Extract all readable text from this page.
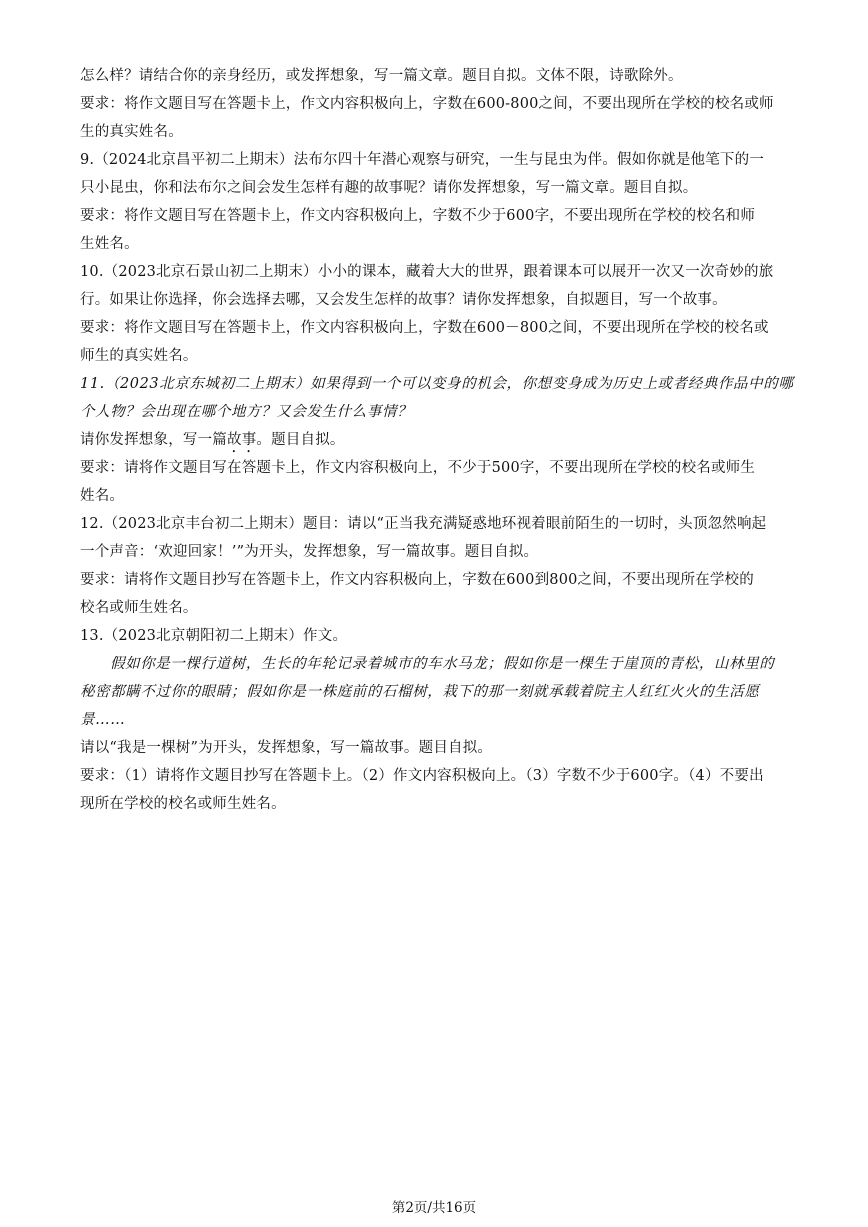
怎么样？请结合你的亲身经历，或发挥想象，写一篇文章。题目自拟。文体不限，诗歌除外。
要求：将作文题目写在答题卡上，作文内容积极向上，字数在600-800之间，不要出现所在学校的校名或师
生的真实姓名。
9.（2024北京昌平初二上期末）法布尔四十年潜心观察与研究，一生与昆虫为伴。假如你就是他笔下的一
只小昆虫，你和法布尔之间会发生怎样有趣的故事呢？请你发挥想象，写一篇文章。题目自拟。
要求：将作文题目写在答题卡上，作文内容积极向上，字数不少于600字，不要出现所在学校的校名和师
生姓名。
10.（2023北京石景山初二上期末）小小的课本，藏着大大的世界，跟着课本可以展开一次又一次奇妙的旅
行。如果让你选择，你会选择去哪，又会发生怎样的故事？请你发挥想象，自拟题目，写一个故事。
要求：将作文题目写在答题卡上，作文内容积极向上，字数在600－800之间，不要出现所在学校的校名或
师生的真实姓名。
11.（2023北京东城初二上期末）如果得到一个可以变身的机会，你想变身成为历史上或者经典作品中的哪
个人物？会出现在哪个地方？又会发生什么事情？
请你发挥想象，写一篇故事。题目自拟。
要求：请将作文题目写在答题卡上，作文内容积极向上，不少于500字，不要出现所在学校的校名或师生
姓名。
12.（2023北京丰台初二上期末）题目：请以“正当我充满疑惑地环视着眼前陌生的一切时，头顶忽然响起
一个声音：‘欢迎回家！’”为开头，发挥想象，写一篇故事。题目自拟。
要求：请将作文题目抄写在答题卡上，作文内容积极向上，字数在600到800之间，不要出现所在学校的
校名或师生姓名。
13.（2023北京朝阳初二上期末）作文。
假如你是一棵行道树，生长的年轮记录着城市的车水马龙；假如你是一棵生于崖顶的青松，山林里的
秘密都瞒不过你的眼睛；假如你是一株庭前的石榴树，栽下的那一刻就承载着院主人红红火火的生活愿
景……
请以“我是一棵树”为开头，发挥想象，写一篇故事。题目自拟。
要求：（1）请将作文题目抄写在答题卡上。（2）作文内容积极向上。（3）字数不少于600字。（4）不要出
现所在学校的校名或师生姓名。
第2页/共16页
